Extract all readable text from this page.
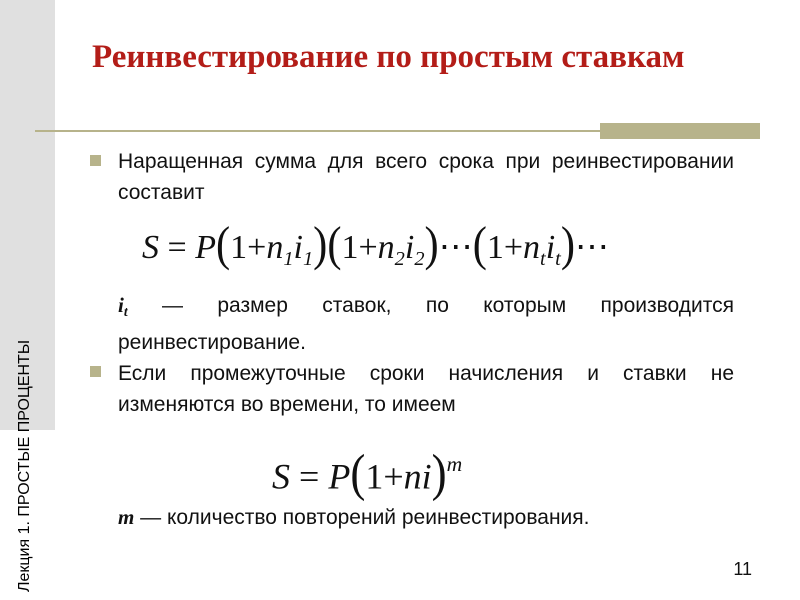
Лекция 1. ПРОСТЫЕ ПРОЦЕНТЫ
Реинвестирование по простым ставкам
Наращенная сумма для всего срока при реинвестировании составит
$S = P(1+n_1i_1)(1+n_2i_2)\cdots(1+n_ti_t)\cdots$
$i_t$ — размер ставок, по которым производится реинвестирование.
Если промежуточные сроки начисления и ставки не изменяются во времени, то имеем
$S = P(1+ni)^m$
m — количество повторений реинвестирования.
11
